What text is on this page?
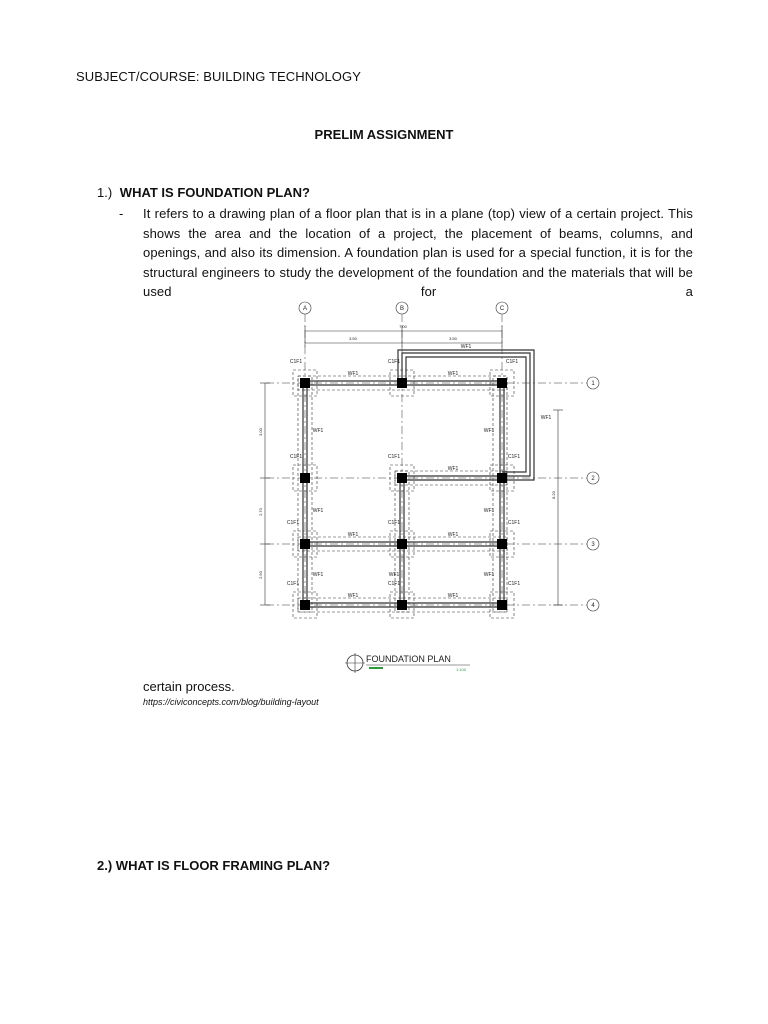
SUBJECT/COURSE: BUILDING TECHNOLOGY
PRELIM ASSIGNMENT
1.) WHAT IS FOUNDATION PLAN?
- It refers to a drawing plan of a floor plan that is in a plane (top) view of a certain project. This shows the area and the location of a project, the placement of beams, columns, and openings, and also its dimension. A foundation plan is used for a special function, it is for the structural engineers to study the development of the foundation and the materials that will be used for a
A	B	C
1
2
3
4
7.00
3.50	3.50
3.00
2.70
2.50
8.20
C1F1	C1F1	C1F1
C1F1	C1F1	C1F1
C1F1	C1F1	C1F1
C1F1	C1F1	C1F1
WF1	WF1
WF1
WF1
WF1	WF1
WF1
WF1	WF1
WF1	WF1
WF1	WF1	WF1
WF1	WF1
FOUNDATION PLAN
1:100
certain process.
https://civiconcepts.com/blog/building-layout
2.) WHAT IS FLOOR FRAMING PLAN?
